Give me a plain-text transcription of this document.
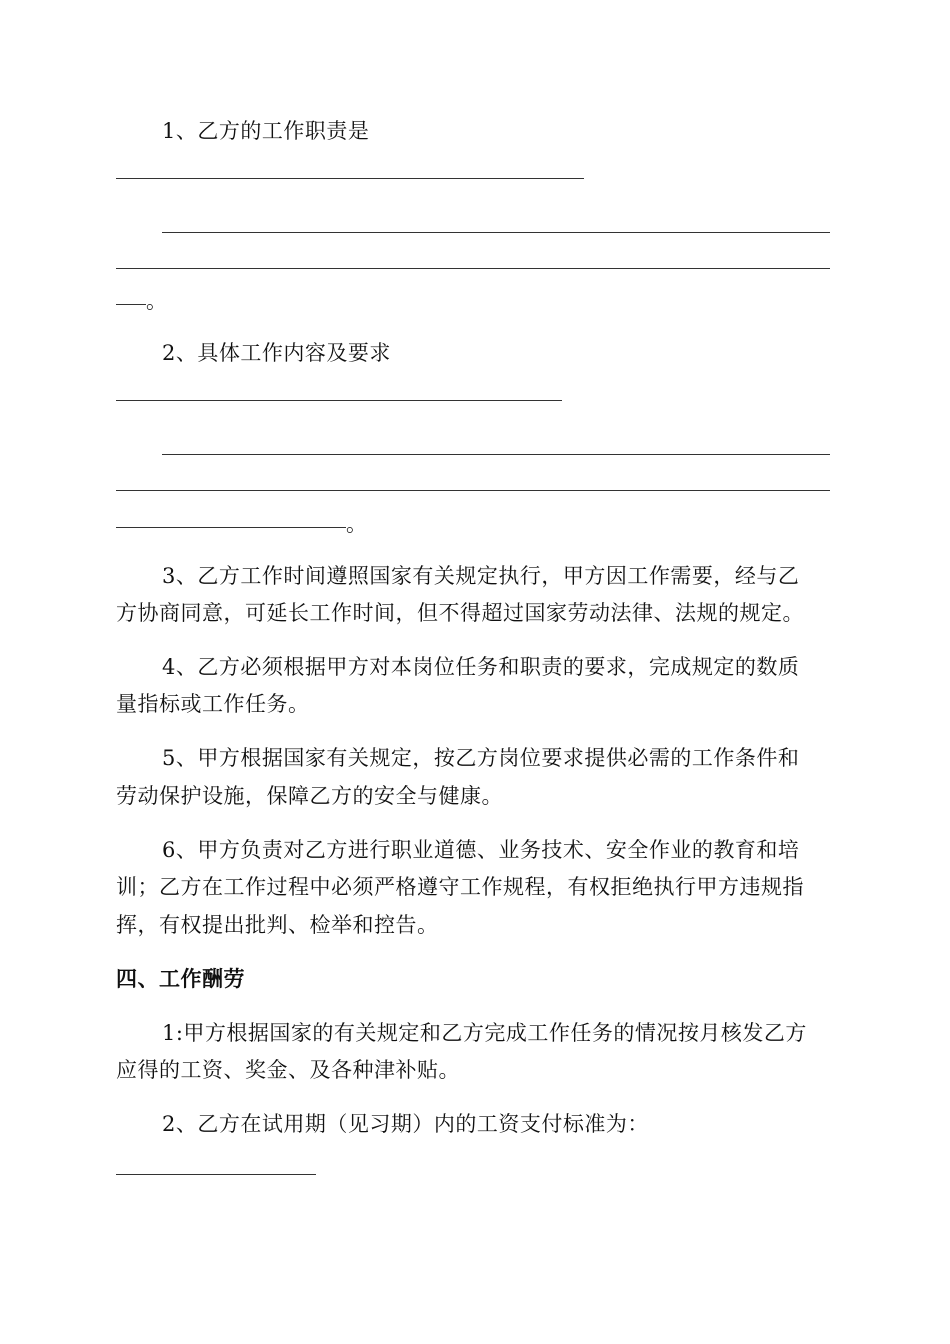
1、乙方的工作职责是
。
2、具体工作内容及要求
。
3、乙方工作时间遵照国家有关规定执行，甲方因工作需要，经与乙
方协商同意，可延长工作时间，但不得超过国家劳动法律、法规的规定。
4、乙方必须根据甲方对本岗位任务和职责的要求，完成规定的数质
量指标或工作任务。
5、甲方根据国家有关规定，按乙方岗位要求提供必需的工作条件和
劳动保护设施，保障乙方的安全与健康。
6、甲方负责对乙方进行职业道德、业务技术、安全作业的教育和培
训；乙方在工作过程中必须严格遵守工作规程，有权拒绝执行甲方违规指
挥，有权提出批判、检举和控告。
四、工作酬劳
1:甲方根据国家的有关规定和乙方完成工作任务的情况按月核发乙方
应得的工资、奖金、及各种津补贴。
2、乙方在试用期（见习期）内的工资支付标准为：
